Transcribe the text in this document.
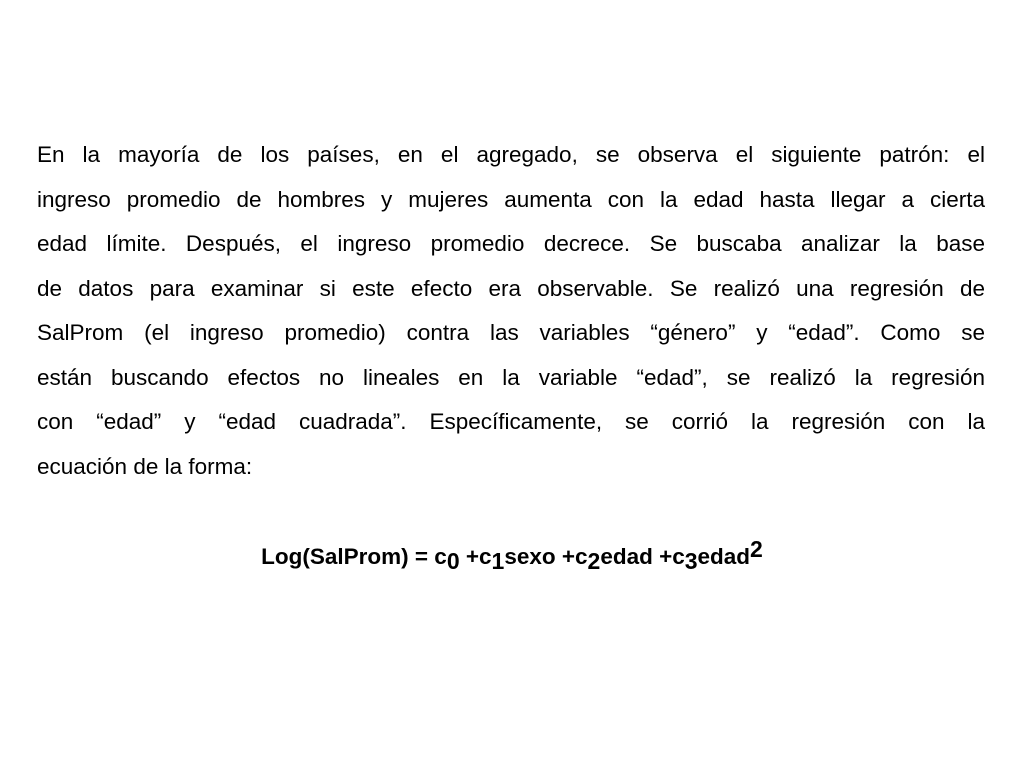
En la mayoría de los países, en el agregado, se observa el siguiente patrón: el
ingreso promedio de hombres y mujeres aumenta con la edad hasta llegar a cierta
edad límite. Después, el ingreso promedio decrece. Se buscaba analizar la base
de datos para examinar si este efecto era observable. Se realizó una regresión de
SalProm (el ingreso promedio) contra las variables “género” y “edad”. Como se
están buscando efectos no lineales en la variable “edad”, se realizó la regresión
con “edad” y “edad cuadrada”. Específicamente, se corrió la regresión con la
ecuación de la forma:

Log(SalProm) = c0 +c1sexo +c2edad +c3edad2
